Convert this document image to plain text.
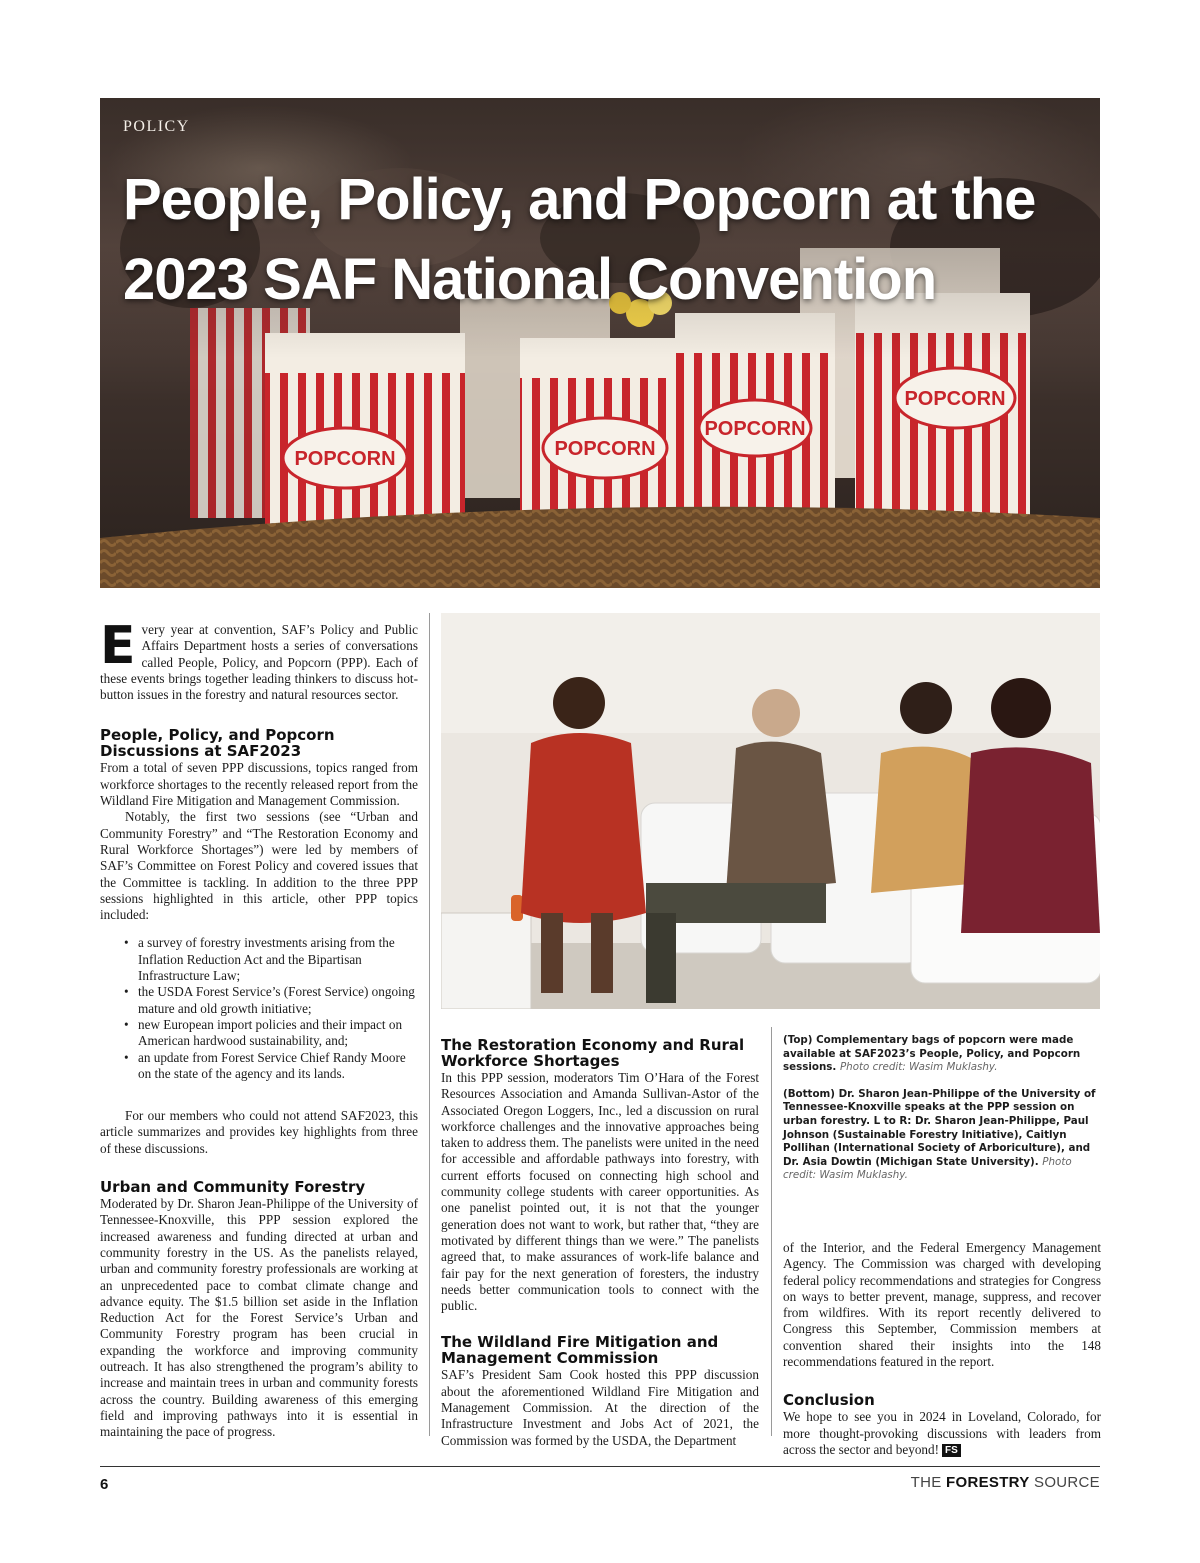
POPCORN	POPCORN
POPCORN
POPCORN
POLICY
People, Policy, and Popcorn at the
2023 SAF National Convention

Every year at convention, SAF’s Policy and Public Affairs Department hosts a series of conversations called People, Policy, and Popcorn (PPP). Each of these events brings together leading thinkers to discuss hot-button issues in the forestry and natural resources sector.

People, Policy, and Popcorn Discussions at SAF2023

From a total of seven PPP discussions, topics ranged from workforce shortages to the recently released report from the Wildland Fire Mitigation and Management Commission.

Notably, the first two sessions (see “Urban and Community Forestry” and “The Restoration Economy and Rural Workforce Shortages”) were led by members of SAF’s Committee on Forest Policy and covered issues that the Committee is tackling. In addition to the three PPP sessions highlighted in this article, other PPP topics included:

• a survey of forestry investments arising from the Inflation Reduction Act and the Bipartisan Infrastructure Law;
• the USDA Forest Service’s (Forest Service) ongoing mature and old growth initiative;
• new European import policies and their impact on American hardwood sustainability, and;
• an update from Forest Service Chief Randy Moore on the state of the agency and its lands.

For our members who could not attend SAF2023, this article summarizes and provides key highlights from three of these discussions.

Urban and Community Forestry

Moderated by Dr. Sharon Jean-Philippe of the University of Tennessee-Knoxville, this PPP session explored the increased awareness and funding directed at urban and community forestry in the US. As the panelists relayed, urban and community forestry professionals are working at an unprecedented pace to combat climate change and advance equity. The $1.5 billion set aside in the Inflation Reduction Act for the Forest Service’s Urban and Community Forestry program has been crucial in expanding the workforce and improving community outreach. It has also strengthened the program’s ability to increase and maintain trees in urban and community forests across the country. Building awareness of this emerging field and improving pathways into it is essential in maintaining the pace of progress.

The Restoration Economy and Rural Workforce Shortages

In this PPP session, moderators Tim O’Hara of the Forest Resources Association and Amanda Sullivan-Astor of the Associated Oregon Loggers, Inc., led a discussion on rural workforce challenges and the innovative approaches being taken to address them. The panelists were united in the need for accessible and affordable pathways into forestry, with current efforts focused on connecting high school and community college students with career opportunities. As one panelist pointed out, it is not that the younger generation does not want to work, but rather that, “they are motivated by different things than we were.” The panelists agreed that, to make assurances of work-life balance and fair pay for the next generation of foresters, the industry needs better communication tools to connect with the public.

The Wildland Fire Mitigation and Management Commission

SAF’s President Sam Cook hosted this PPP discussion about the aforementioned Wildland Fire Mitigation and Management Commission. At the direction of the Infrastructure Investment and Jobs Act of 2021, the Commission was formed by the USDA, the Department

(Top) Complementary bags of popcorn were made available at SAF2023’s People, Policy, and Popcorn sessions. Photo credit: Wasim Muklashy.

(Bottom) Dr. Sharon Jean-Philippe of the University of Tennessee-Knoxville speaks at the PPP session on urban forestry. L to R: Dr. Sharon Jean-Philippe, Paul Johnson (Sustainable Forestry Initiative), Caitlyn Pollihan (International Society of Arboriculture), and Dr. Asia Dowtin (Michigan State University). Photo credit: Wasim Muklashy.

of the Interior, and the Federal Emergency Management Agency. The Commission was charged with developing federal policy recommendations and strategies for Congress on ways to better prevent, manage, suppress, and recover from wildfires. With its report recently delivered to Congress this September, Commission members at convention shared their insights into the 148 recommendations featured in the report.

Conclusion

We hope to see you in 2024 in Loveland, Colorado, for more thought-provoking discussions with leaders from across the sector and beyond! FS

6	THE FORESTRY SOURCE
